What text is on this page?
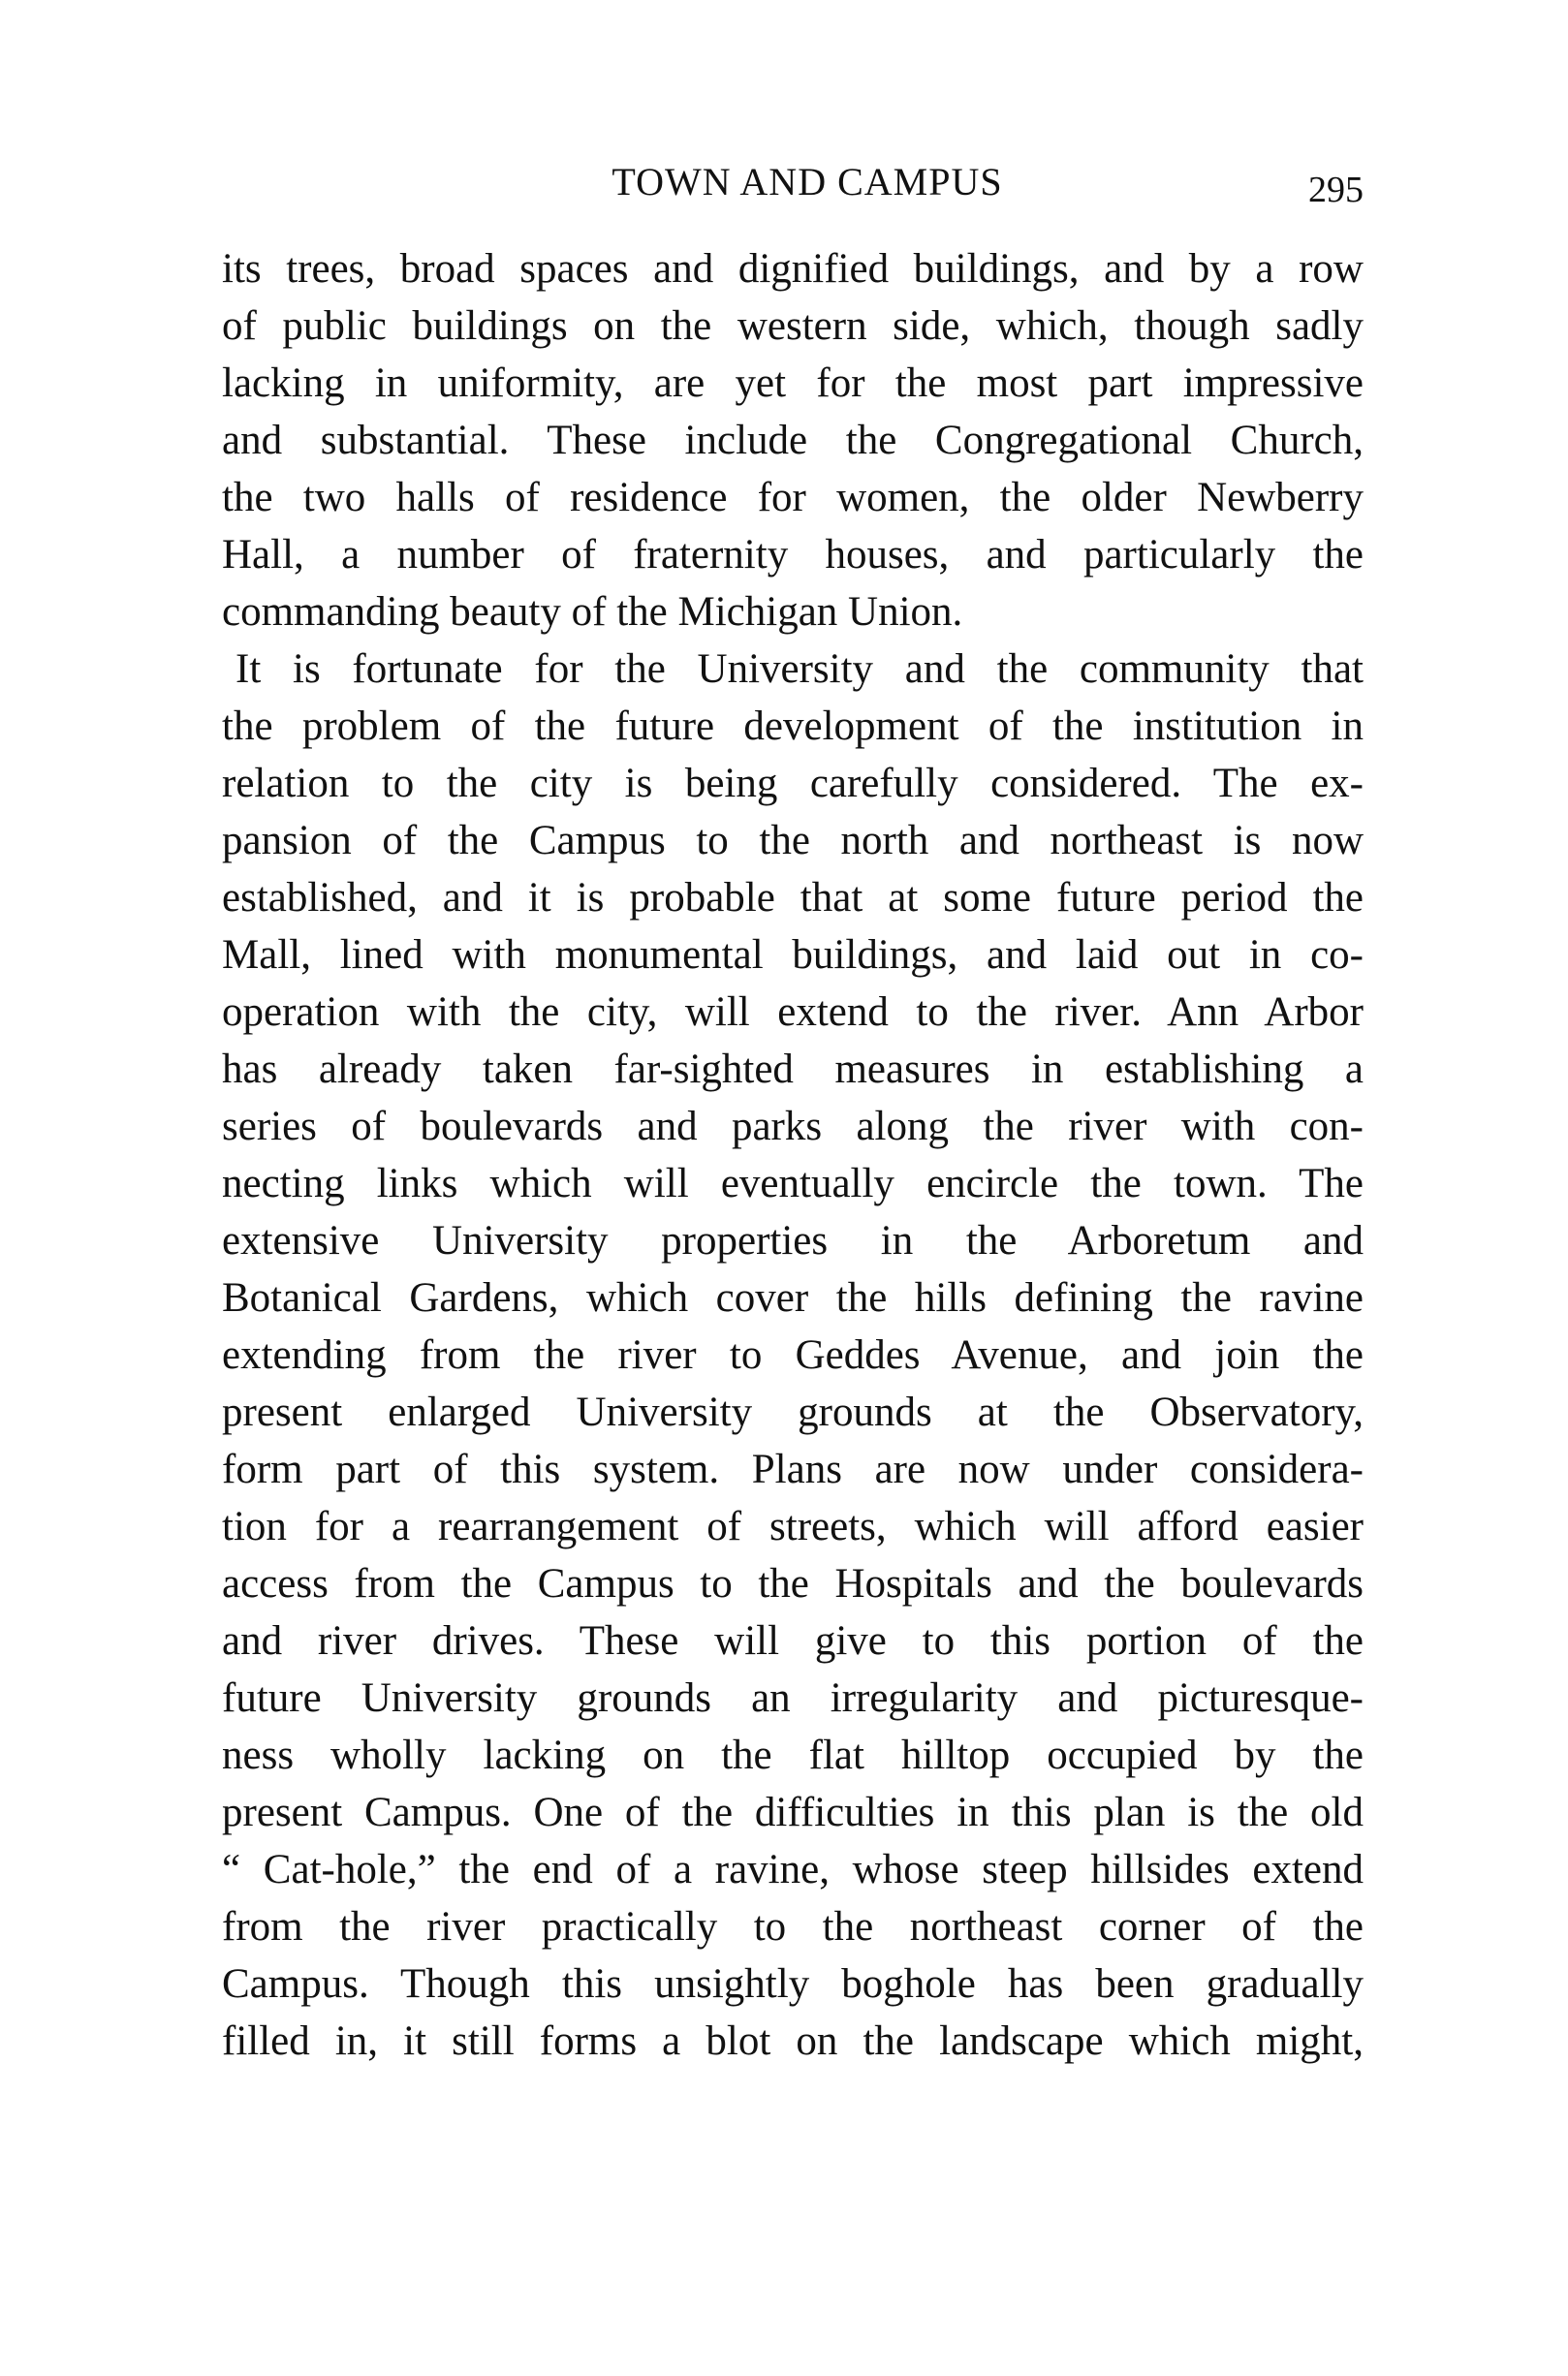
TOWN AND CAMPUS	295
its trees, broad spaces and dignified buildings, and by a row
of public buildings on the western side, which, though sadly
lacking in uniformity, are yet for the most part impressive
and substantial. These include the Congregational Church,
the two halls of residence for women, the older Newberry
Hall, a number of fraternity houses, and particularly the
commanding beauty of the Michigan Union.
It is fortunate for the University and the community that
the problem of the future development of the institution in
relation to the city is being carefully considered. The ex-
pansion of the Campus to the north and northeast is now
established, and it is probable that at some future period the
Mall, lined with monumental buildings, and laid out in co-
operation with the city, will extend to the river. Ann Arbor
has already taken far-sighted measures in establishing a
series of boulevards and parks along the river with con-
necting links which will eventually encircle the town. The
extensive University properties in the Arboretum and
Botanical Gardens, which cover the hills defining the ravine
extending from the river to Geddes Avenue, and join the
present enlarged University grounds at the Observatory,
form part of this system. Plans are now under considera-
tion for a rearrangement of streets, which will afford easier
access from the Campus to the Hospitals and the boulevards
and river drives. These will give to this portion of the
future University grounds an irregularity and picturesque-
ness wholly lacking on the flat hilltop occupied by the
present Campus. One of the difficulties in this plan is the old
“ Cat-hole,” the end of a ravine, whose steep hillsides extend
from the river practically to the northeast corner of the
Campus. Though this unsightly boghole has been gradually
filled in, it still forms a blot on the landscape which might,
